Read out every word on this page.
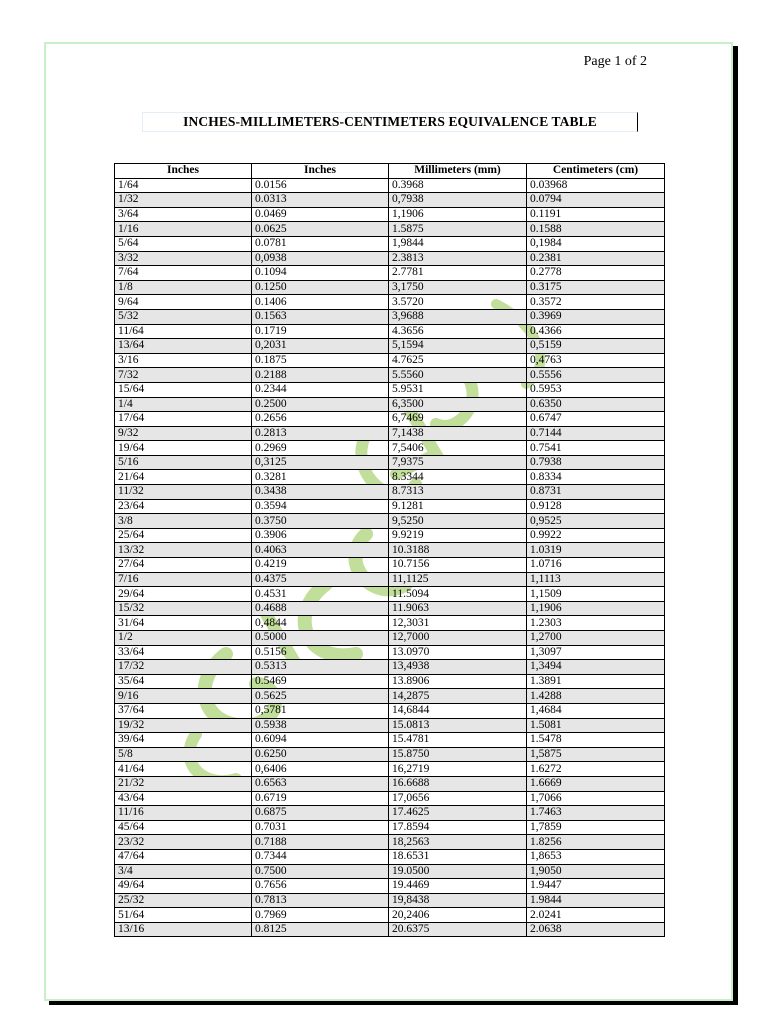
Page 1 of 2
INCHES-MILLIMETERS-CENTIMETERS EQUIVALENCE TABLE
Inches	Inches	Millimeters (mm)	Centimeters (cm)
1/64	0.0156	0.3968	0.03968
1/32	0.0313	0,7938	0.0794
3/64	0.0469	1,1906	0.1191
1/16	0.0625	1.5875	0.1588
5/64	0.0781	1,9844	0,1984
3/32	0,0938	2.3813	0.2381
7/64	0.1094	2.7781	0.2778
1/8	0.1250	3,1750	0.3175
9/64	0.1406	3.5720	0.3572
5/32	0.1563	3,9688	0.3969
11/64	0.1719	4.3656	0.4366
13/64	0,2031	5,1594	0,5159
3/16	0.1875	4.7625	0,4763
7/32	0.2188	5.5560	0.5556
15/64	0.2344	5.9531	0.5953
1/4	0.2500	6,3500	0.6350
17/64	0.2656	6,7469	0.6747
9/32	0.2813	7,1438	0.7144
19/64	0.2969	7,5406	0.7541
5/16	0,3125	7,9375	0.7938
21/64	0.3281	8.3344	0.8334
11/32	0.3438	8.7313	0.8731
23/64	0.3594	9.1281	0.9128
3/8	0.3750	9,5250	0,9525
25/64	0.3906	9.9219	0.9922
13/32	0.4063	10.3188	1.0319
27/64	0.4219	10.7156	1.0716
7/16	0.4375	11,1125	1,1113
29/64	0.4531	11.5094	1,1509
15/32	0.4688	11.9063	1,1906
31/64	0,4844	12,3031	1.2303
1/2	0.5000	12,7000	1,2700
33/64	0.5156	13.0970	1,3097
17/32	0.5313	13,4938	1,3494
35/64	0.5469	13.8906	1.3891
9/16	0.5625	14,2875	1.4288
37/64	0,5781	14,6844	1,4684
19/32	0.5938	15.0813	1.5081
39/64	0.6094	15.4781	1.5478
5/8	0.6250	15.8750	1,5875
41/64	0,6406	16,2719	1.6272
21/32	0.6563	16.6688	1.6669
43/64	0.6719	17,0656	1,7066
11/16	0.6875	17.4625	1.7463
45/64	0.7031	17.8594	1,7859
23/32	0.7188	18,2563	1.8256
47/64	0.7344	18.6531	1,8653
3/4	0.7500	19.0500	1,9050
49/64	0.7656	19.4469	1.9447
25/32	0.7813	19,8438	1.9844
51/64	0.7969	20,2406	2.0241
13/16	0.8125	20.6375	2.0638
